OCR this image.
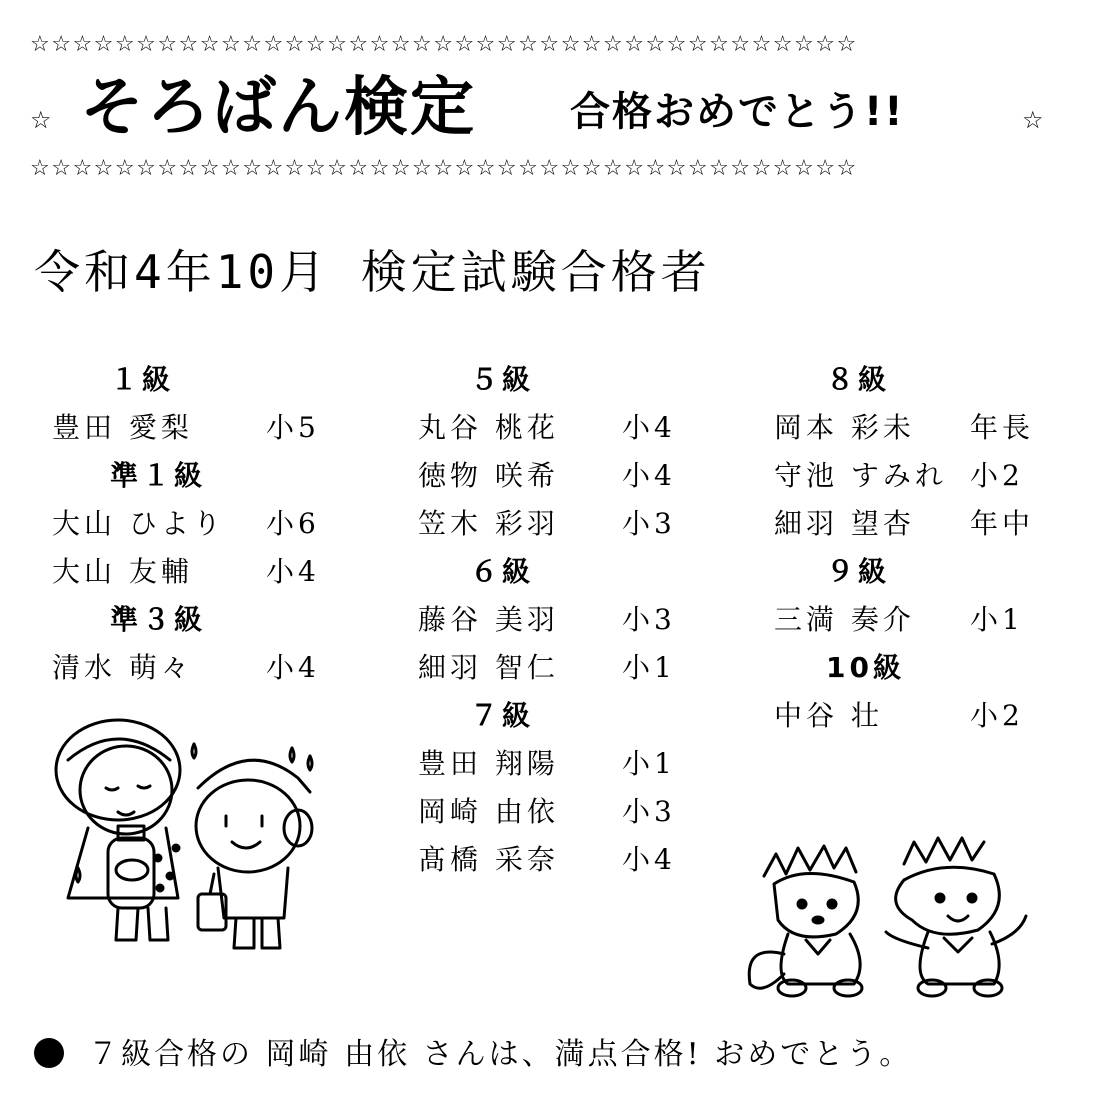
☆☆☆☆☆☆☆☆☆☆☆☆☆☆☆☆☆☆☆☆☆☆☆☆☆☆☆☆☆☆☆☆☆☆☆☆☆☆☆
☆ そろばん検定 合格おめでとう!!	☆
☆☆☆☆☆☆☆☆☆☆☆☆☆☆☆☆☆☆☆☆☆☆☆☆☆☆☆☆☆☆☆☆☆☆☆☆☆☆☆
令和4年10月 検定試験合格者
１級
豊田 愛梨	小5
準１級
大山 ひより 小6
大山 友輔	小4
準３級
清水 萌々	小4
５級
丸谷 桃花 小4
徳物 咲希 小4
笠木 彩羽 小3
６級
藤谷 美羽 小3
細羽 智仁 小1
７級
豊田 翔陽 小1
岡崎 由依 小3
髙橋 采奈 小4
８級
岡本 彩未 年長
守池 すみれ 小2
細羽 望杏 年中
９級
三満 奏介 小1
10級
中谷 壮	小2
７級合格の 岡崎 由依 さんは、満点合格! おめでとう。
